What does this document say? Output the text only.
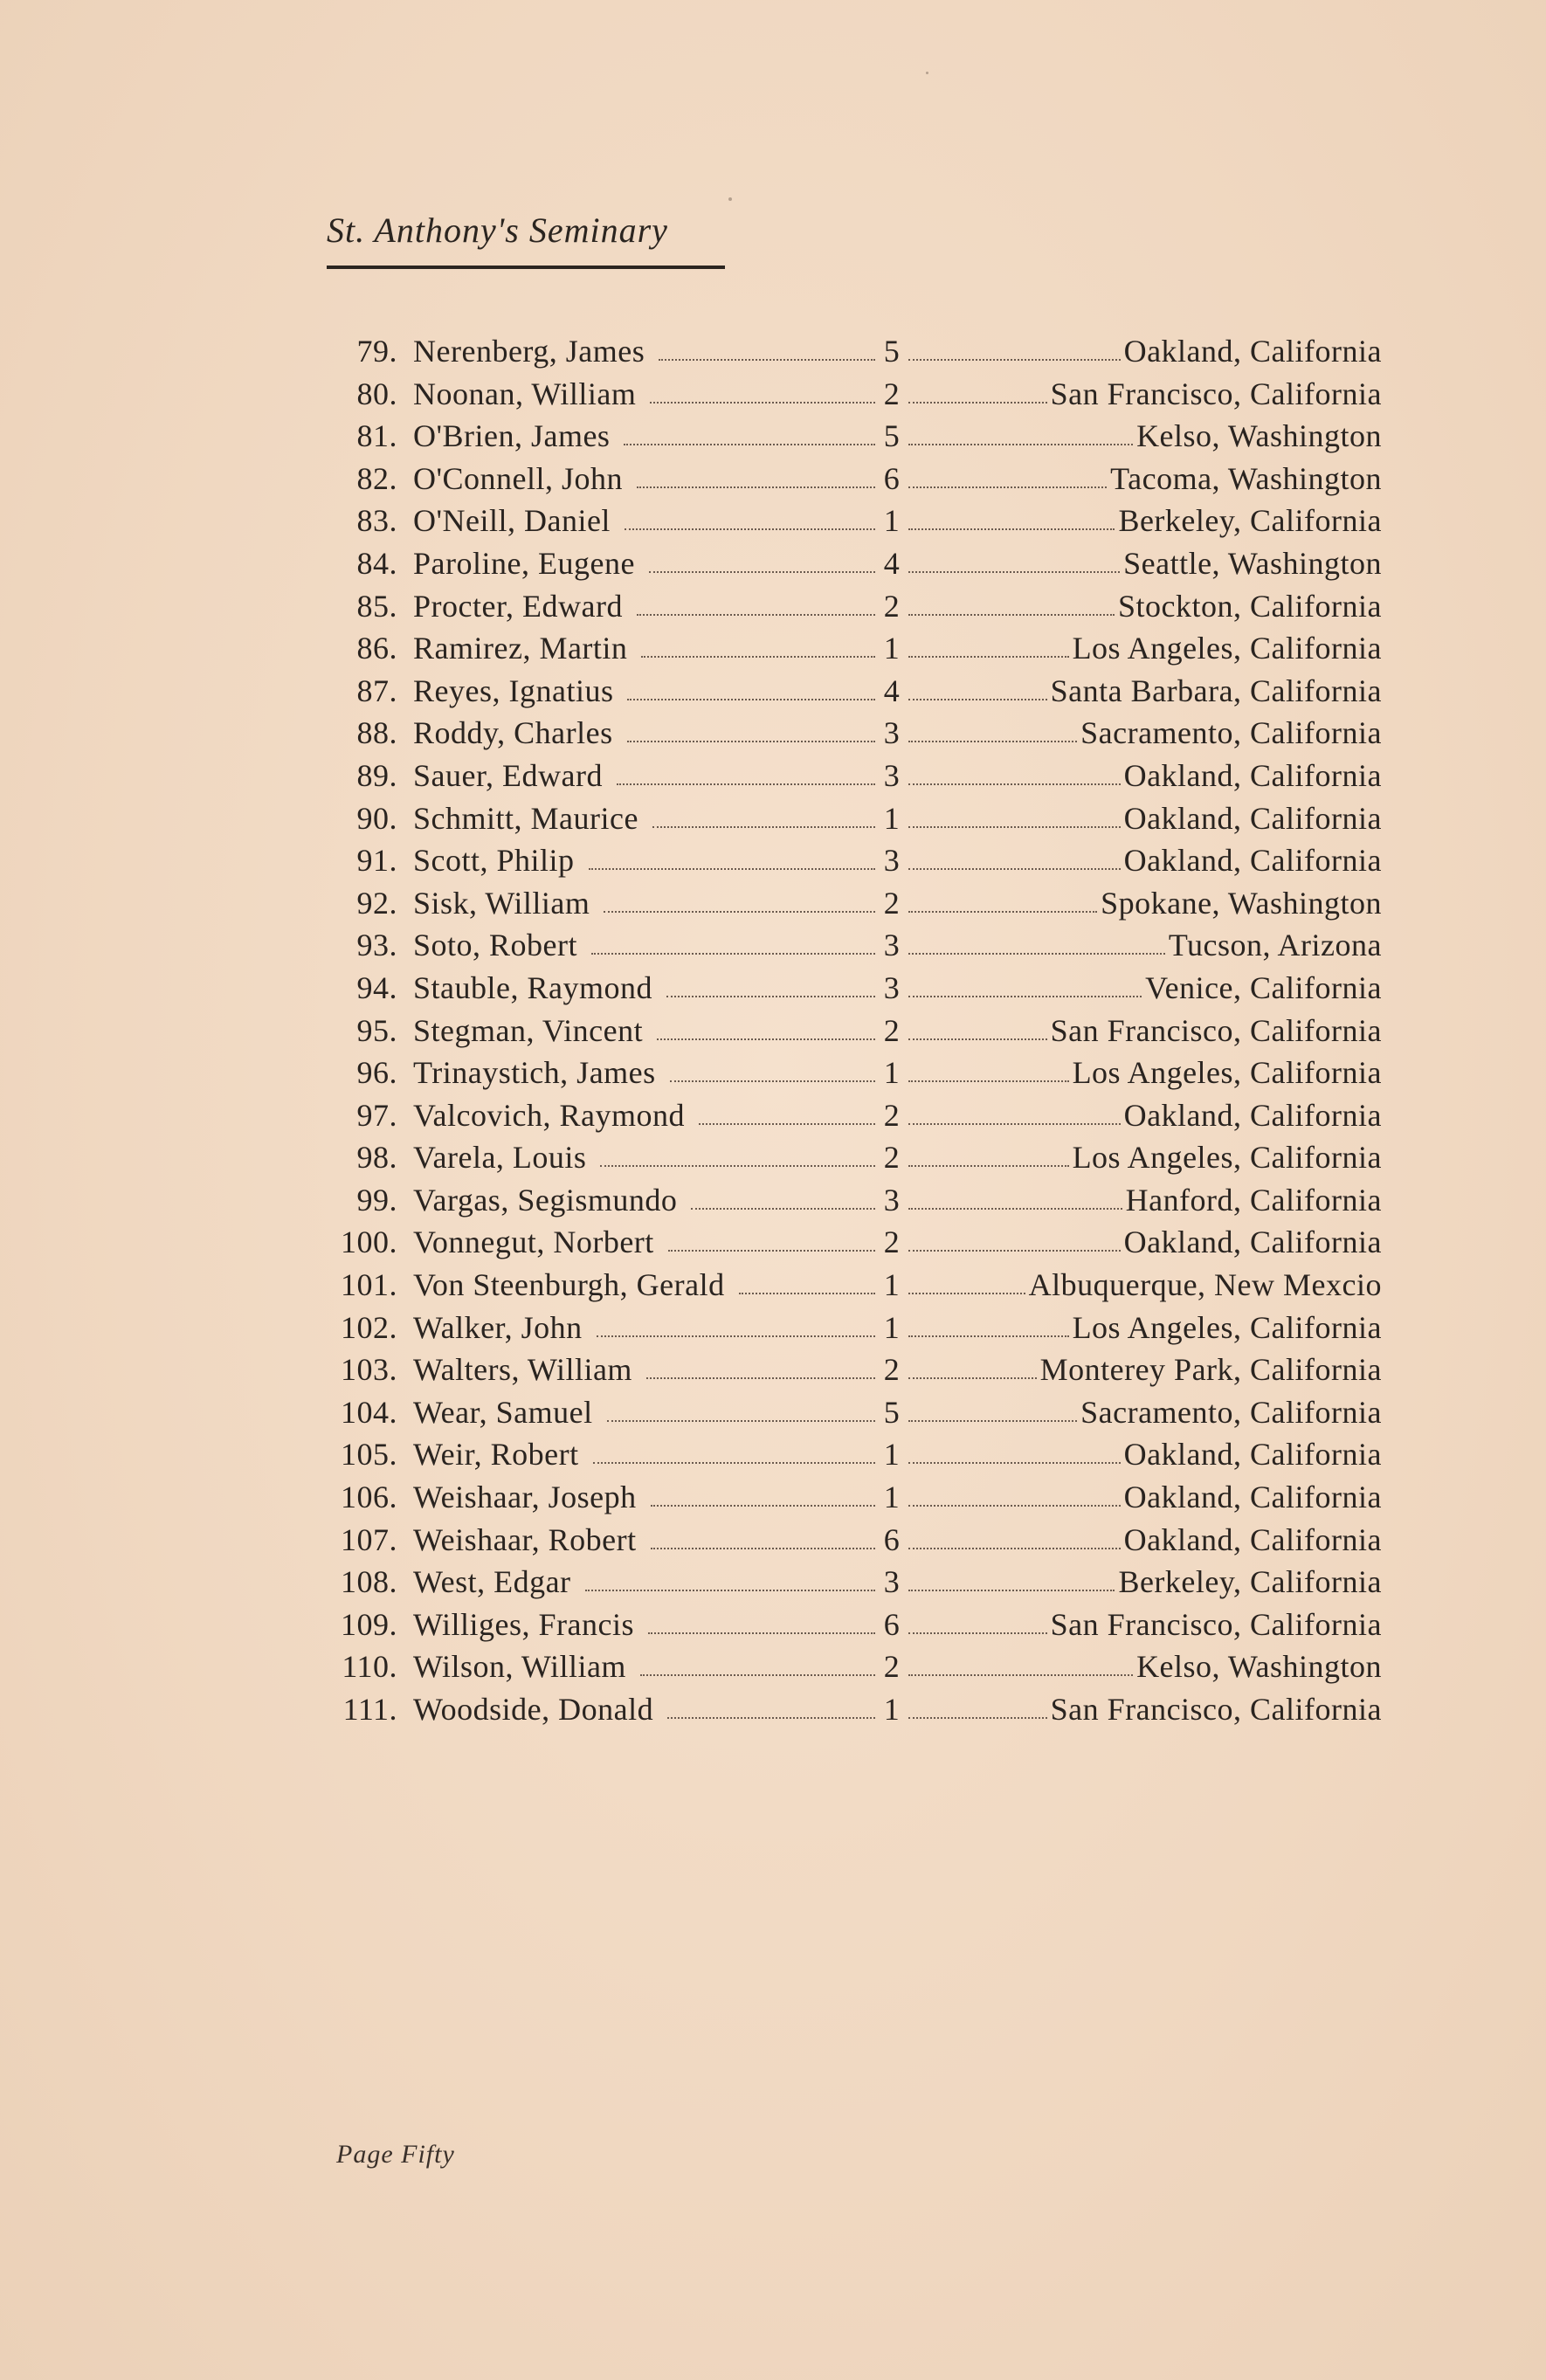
St. Anthony's Seminary
79. Nerenberg, James	5	Oakland, California
80. Noonan, William	2	San Francisco, California
81. O'Brien, James	5	Kelso, Washington
82. O'Connell, John	6	Tacoma, Washington
83. O'Neill, Daniel	1	Berkeley, California
84. Paroline, Eugene	4	Seattle, Washington
85. Procter, Edward	2	Stockton, California
86. Ramirez, Martin	1	Los Angeles, California
87. Reyes, Ignatius	4	Santa Barbara, California
88. Roddy, Charles	3	Sacramento, California
89. Sauer, Edward	3	Oakland, California
90. Schmitt, Maurice	1	Oakland, California
91. Scott, Philip	3	Oakland, California
92. Sisk, William	2	Spokane, Washington
93. Soto, Robert	3	Tucson, Arizona
94. Stauble, Raymond	3	Venice, California
95. Stegman, Vincent	2	San Francisco, California
96. Trinaystich, James	1	Los Angeles, California
97. Valcovich, Raymond	2	Oakland, California
98. Varela, Louis	2	Los Angeles, California
99. Vargas, Segismundo	3	Hanford, California
100. Vonnegut, Norbert	2	Oakland, California
101. Von Steenburgh, Gerald	1	Albuquerque, New Mexcio
102. Walker, John	1	Los Angeles, California
103. Walters, William	2	Monterey Park, California
104. Wear, Samuel	5	Sacramento, California
105. Weir, Robert	1	Oakland, California
106. Weishaar, Joseph	1	Oakland, California
107. Weishaar, Robert	6	Oakland, California
108. West, Edgar	3	Berkeley, California
109. Williges, Francis	6	San Francisco, California
110. Wilson, William	2	Kelso, Washington
111. Woodside, Donald	1	San Francisco, California
Page Fifty
